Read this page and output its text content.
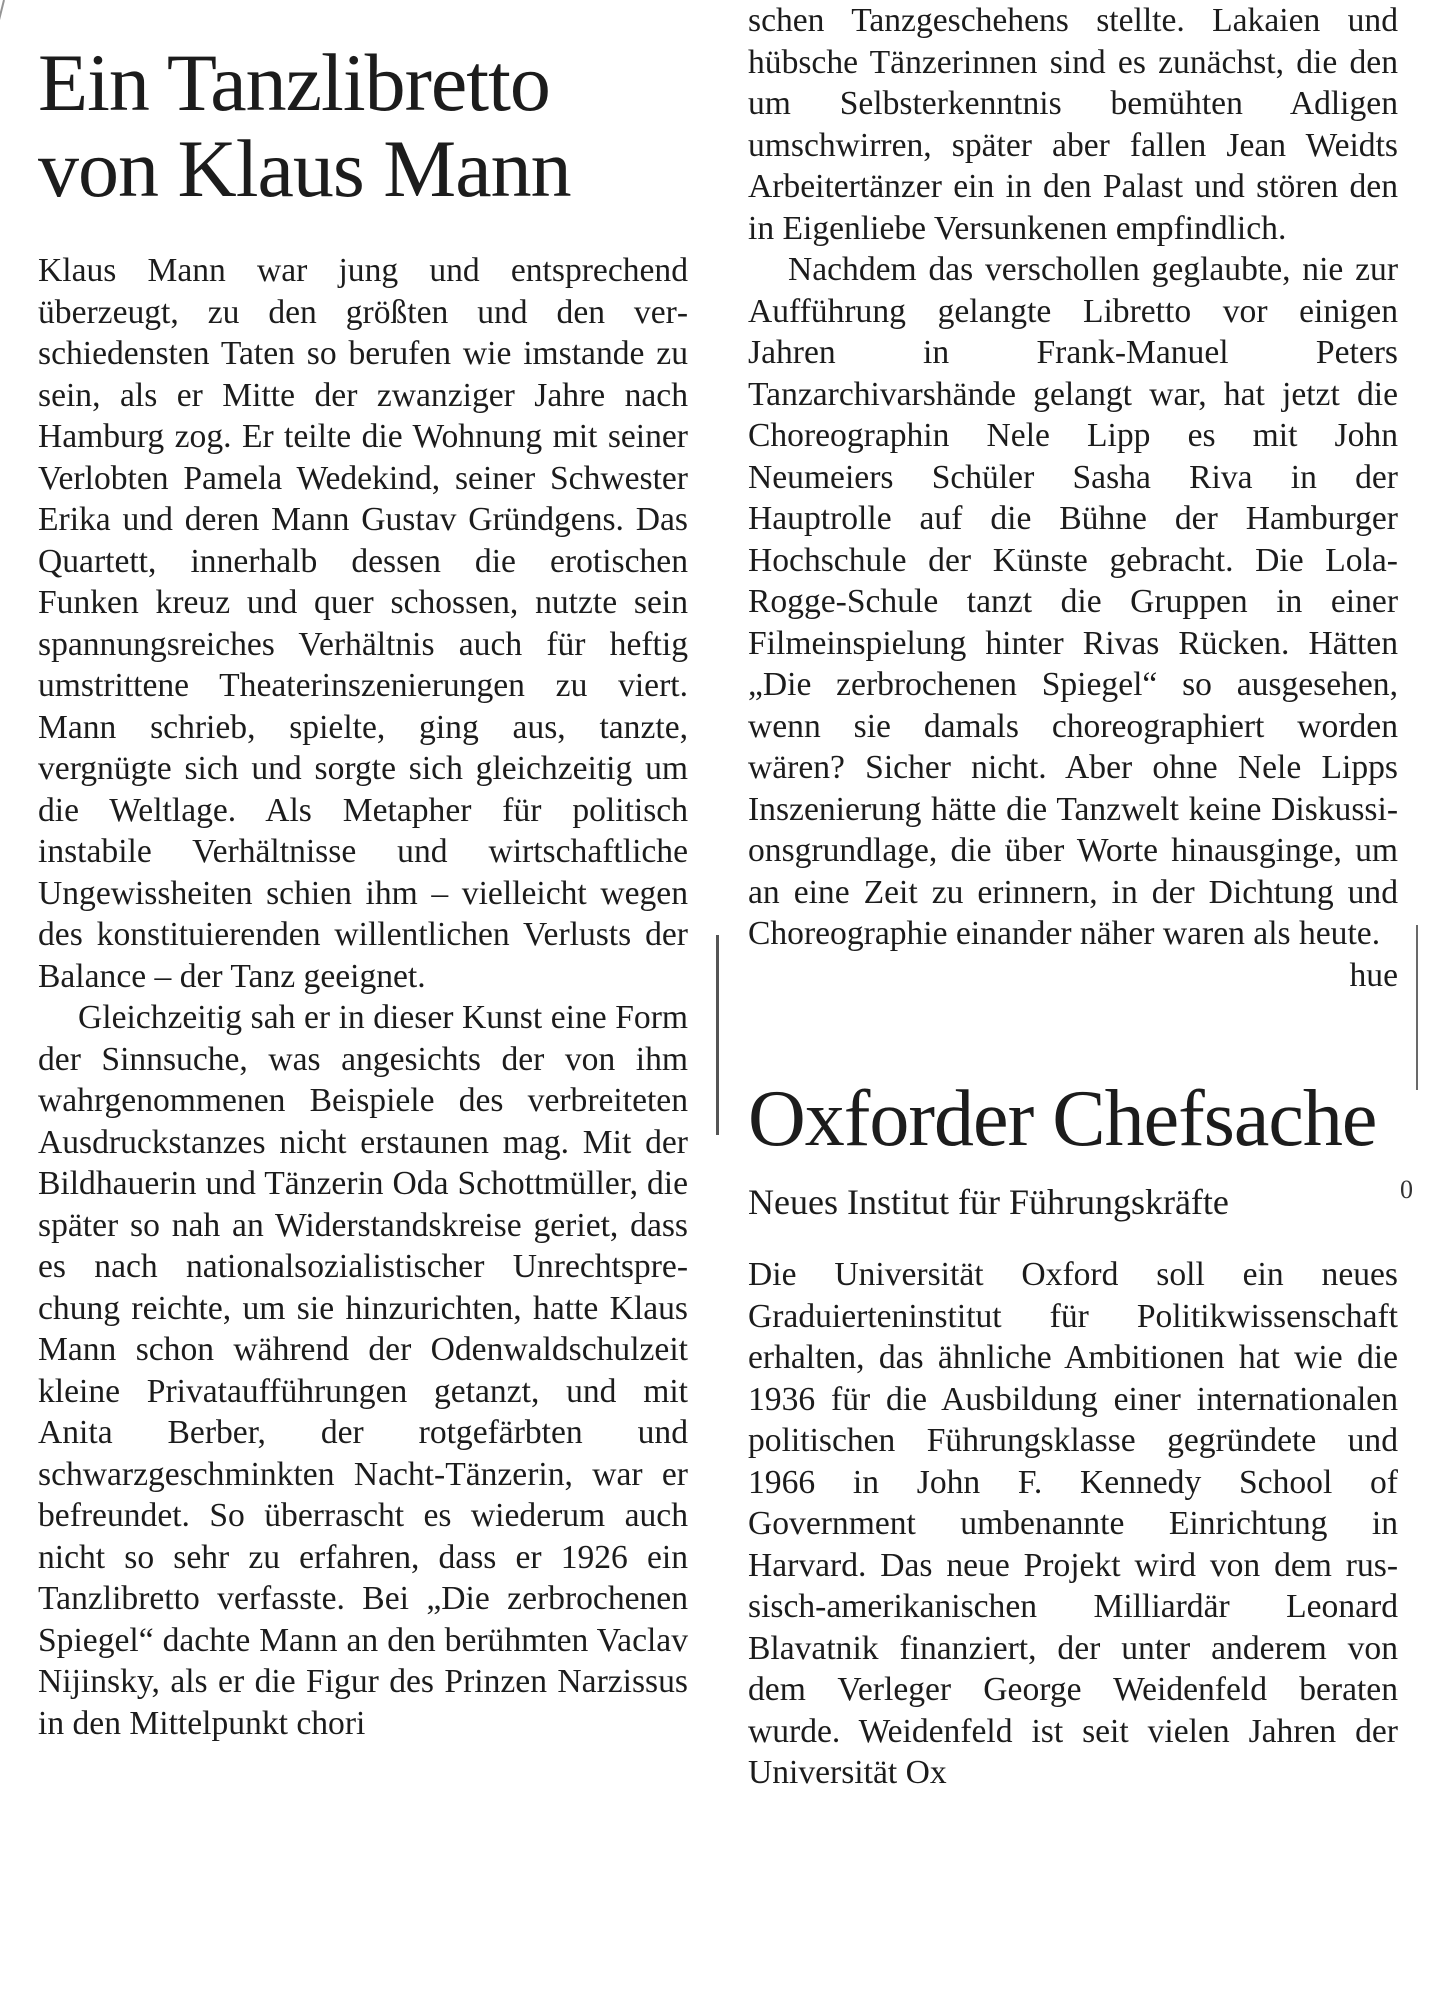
Ein Tanzlibretto
von Klaus Mann

Klaus Mann war jung und entsprechend überzeugt, zu den größten und den verschiedensten Taten so berufen wie imstande zu sein, als er Mitte der zwanziger Jahre nach Hamburg zog. Er teilte die Wohnung mit seiner Verlobten Pamela Wedekind, seiner Schwester Erika und deren Mann Gustav Gründgens. Das Quartett, innerhalb dessen die erotischen Funken kreuz und quer schossen, nutzte sein spannungsreiches Verhältnis auch für heftig umstrittene Theaterinszenierungen zu viert. Mann schrieb, spielte, ging aus, tanzte, vergnügte sich und sorgte sich gleichzeitig um die Weltlage. Als Metapher für politisch instabile Verhältnisse und wirtschaftliche Ungewissheiten schien ihm – vielleicht wegen des konstituierenden willentlichen Verlusts der Balance – der Tanz geeignet.

Gleichzeitig sah er in dieser Kunst eine Form der Sinnsuche, was angesichts der von ihm wahrgenommenen Beispiele des verbreiteten Ausdruckstanzes nicht erstaunen mag. Mit der Bildhauerin und Tänzerin Oda Schottmüller, die später so nah an Widerstandskreise geriet, dass es nach nationalsozialistischer Unrechtsprechung reichte, um sie hinzurichten, hatte Klaus Mann schon während der Odenwaldschulzeit kleine Privataufführungen getanzt, und mit Anita Berber, der rotgefärbten und schwarzgeschminkten Nacht-Tänzerin, war er befreundet. So überrascht es wiederum auch nicht so sehr zu erfahren, dass er 1926 ein Tanzlibretto verfasste. Bei „Die zerbrochenen Spiegel“ dachte Mann an den berühmten Vaclav Nijinsky, als er die Figur des Prinzen Narzissus in den Mittelpunkt chori

schen Tanzgeschehens stellte. Lakaien und hübsche Tänzerinnen sind es zunächst, die den um Selbsterkenntnis bemühten Adligen umschwirren, später aber fallen Jean Weidts Arbeitertänzer ein in den Palast und stören den in Eigenliebe Versunkenen empfindlich.

Nachdem das verschollen geglaubte, nie zur Aufführung gelangte Libretto vor einigen Jahren in Frank-Manuel Peters Tanzarchivarshände gelangt war, hat jetzt die Choreographin Nele Lipp es mit John Neumeiers Schüler Sasha Riva in der Hauptrolle auf die Bühne der Hamburger Hochschule der Künste gebracht. Die Lola-Rogge-Schule tanzt die Gruppen in einer Filmeinspielung hinter Rivas Rücken. Hätten „Die zerbrochenen Spiegel“ so ausgesehen, wenn sie damals choreographiert worden wären? Sicher nicht. Aber ohne Nele Lipps Inszenierung hätte die Tanzwelt keine Diskussionsgrundlage, die über Worte hinausginge, um an eine Zeit zu erinnern, in der Dichtung und Choreographie einander näher waren als heute.
hue

Oxforder Chefsache
Neues Institut für Führungskräfte

Die Universität Oxford soll ein neues Graduierteninstitut für Politikwissenschaft erhalten, das ähnliche Ambitionen hat wie die 1936 für die Ausbildung einer internationalen politischen Führungsklasse gegründete und 1966 in John F. Kennedy School of Government umbenannte Einrichtung in Harvard. Das neue Projekt wird von dem russisch-amerikanischen Milliardär Leonard Blavatnik finanziert, der unter anderem von dem Verleger George Weidenfeld beraten wurde. Weidenfeld ist seit vielen Jahren der Universität Ox

0
